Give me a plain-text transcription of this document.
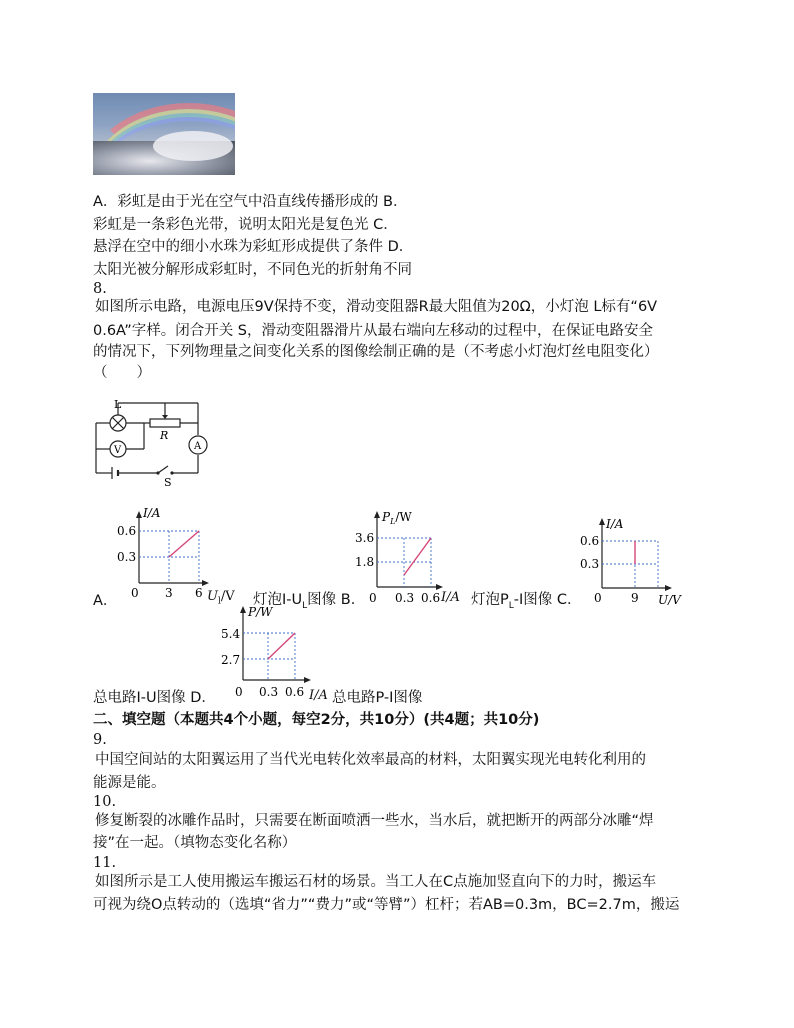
A．彩虹是由于光在空气中沿直线传播形成的 B．
彩虹是一条彩色光带，说明太阳光是复色光 C．
悬浮在空中的细小水珠为彩虹形成提供了条件 D．
太阳光被分解形成彩虹时，不同色光的折射角不同
8.
如图所示电路，电源电压9V保持不变，滑动变阻器R最大阻值为20Ω，小灯泡 L标有“6V
0.6A”字样。闭合开关 S，滑动变阻器滑片从最右端向左移动的过程中，在保证电路安全
的情况下，下列物理量之间变化关系的图像绘制正确的是（不考虑小灯泡灯丝电阻变化）
（　　）
L
V
R
A
S
I/A
0.6
0.3
0 3 6
$P_L/W$
3.6
1.8
0 0.3 0.6
I/A
0.6
0.3
0 9 U/V
P/W
5.4
2.7
0 0.3 0.6
A．	$U_l/V$ 灯泡$I-U_L$图像 B．	I/A 灯泡$P_L-I$图像 C．
总电路I-U图像 D．	I/A 总电路P-I图像
二、填空题（本题共4个小题，每空2分，共10分）(共4题；共10分)
9.
中国空间站的太阳翼运用了当代光电转化效率最高的材料，太阳翼实现光电转化利用的
能源是能。
10.
修复断裂的冰雕作品时，只需要在断面喷洒一些水，当水后，就把断开的两部分冰雕“焊
接”在一起。（填物态变化名称）
11.
如图所示是工人使用搬运车搬运石材的场景。当工人在C点施加竖直向下的力时，搬运车
可视为绕O点转动的（选填“省力”“费力”或“等臂”）杠杆；若AB=0.3m，BC=2.7m，搬运
